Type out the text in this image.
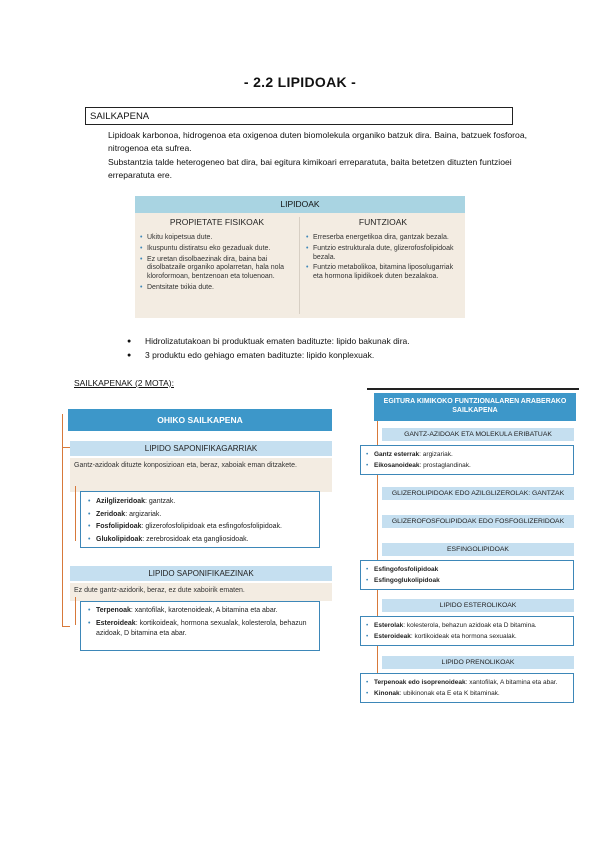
- 2.2 LIPIDOAK -
SAILKAPENA

Lipidoak karbonoa, hidrogenoa eta oxigenoa duten biomolekula organiko batzuk dira. Baina, batzuek fosforoa, nitrogenoa eta sufrea.

Substantzia talde heterogeneo bat dira, bai egitura kimikoari erreparatuta, baita betetzen dituzten funtzioei erreparatuta ere.

LIPIDOAK
PROPIETATE FISIKOAK	FUNTZIOAK
• Ukitu koipetsua dute.
• Ikuspuntu distiratsu eko gezaduak dute.
• Ez uretan disolbaezinak dira, baina bai disolbatzaile organiko apolarretan, hala nola kloroformoan, bentzenoan eta toluenoan.
• Dentsitate txikia dute.
• Erreserba energetikoa dira, gantzak bezala.
• Funtzio estrukturala dute, glizerofosfolipidoak bezala.
• Funtzio metabolikoa, bitamina liposolugarriak eta hormona lipidikoek duten bezalakoa.
● Hidrolizatutakoan bi produktuak ematen badituzte: lipido bakunak dira.
● 3 produktu edo gehiago ematen badituzte: lipido konplexuak.
SAILKAPENAK (2 MOTA):
OHIKO SAILKAPENA
LIPIDO SAPONIFIKAGARRIAK
Gantz-azidoak dituzte konposizioan eta, beraz, xaboiak eman ditzakete.
• Azilglizeridoak: gantzak.
• Zeridoak: argizariak.
• Fosfolipidoak: glizerofosfolipidoak eta esfingofosfolipidoak.
• Glukolipidoak: zerebrosidoak eta gangliosidoak.
LIPIDO SAPONIFIKAEZINAK
Ez dute gantz-azidorik, beraz, ez dute xaboirik ematen.
• Terpenoak: xantofilak, karotenoideak, A bitamina eta abar.
• Esteroideak: kortikoideak, hormona sexualak, kolesterola, behazun azidoak, D bitamina eta abar.
EGITURA KIMIKOKO FUNTZIONALAREN ARABERAKO SAILKAPENA
GANTZ-AZIDOAK ETA MOLEKULA ERIBATUAK
• Gantz esterrak: argizariak.
• Eikosanoideak: prostaglandinak.
GLIZEROLIPIDOAK EDO AZILGLIZEROLAK: GANTZAK
GLIZEROFOSFOLIPIDOAK EDO FOSFOGLIZERIDOAK
ESFINGOLIPIDOAK
• Esfingofosfolipidoak
• Esfingoglukolipidoak
LIPIDO ESTEROLIKOAK
• Esterolak: kolesterola, behazun azidoak eta D bitamina.
• Esteroideak: kortikoideak eta hormona sexualak.
LIPIDO PRENOLIKOAK
• Terpenoak edo isoprenoideak: xantofilak, A bitamina eta abar.
• Kinonak: ubikinonak eta E eta K bitaminak.
